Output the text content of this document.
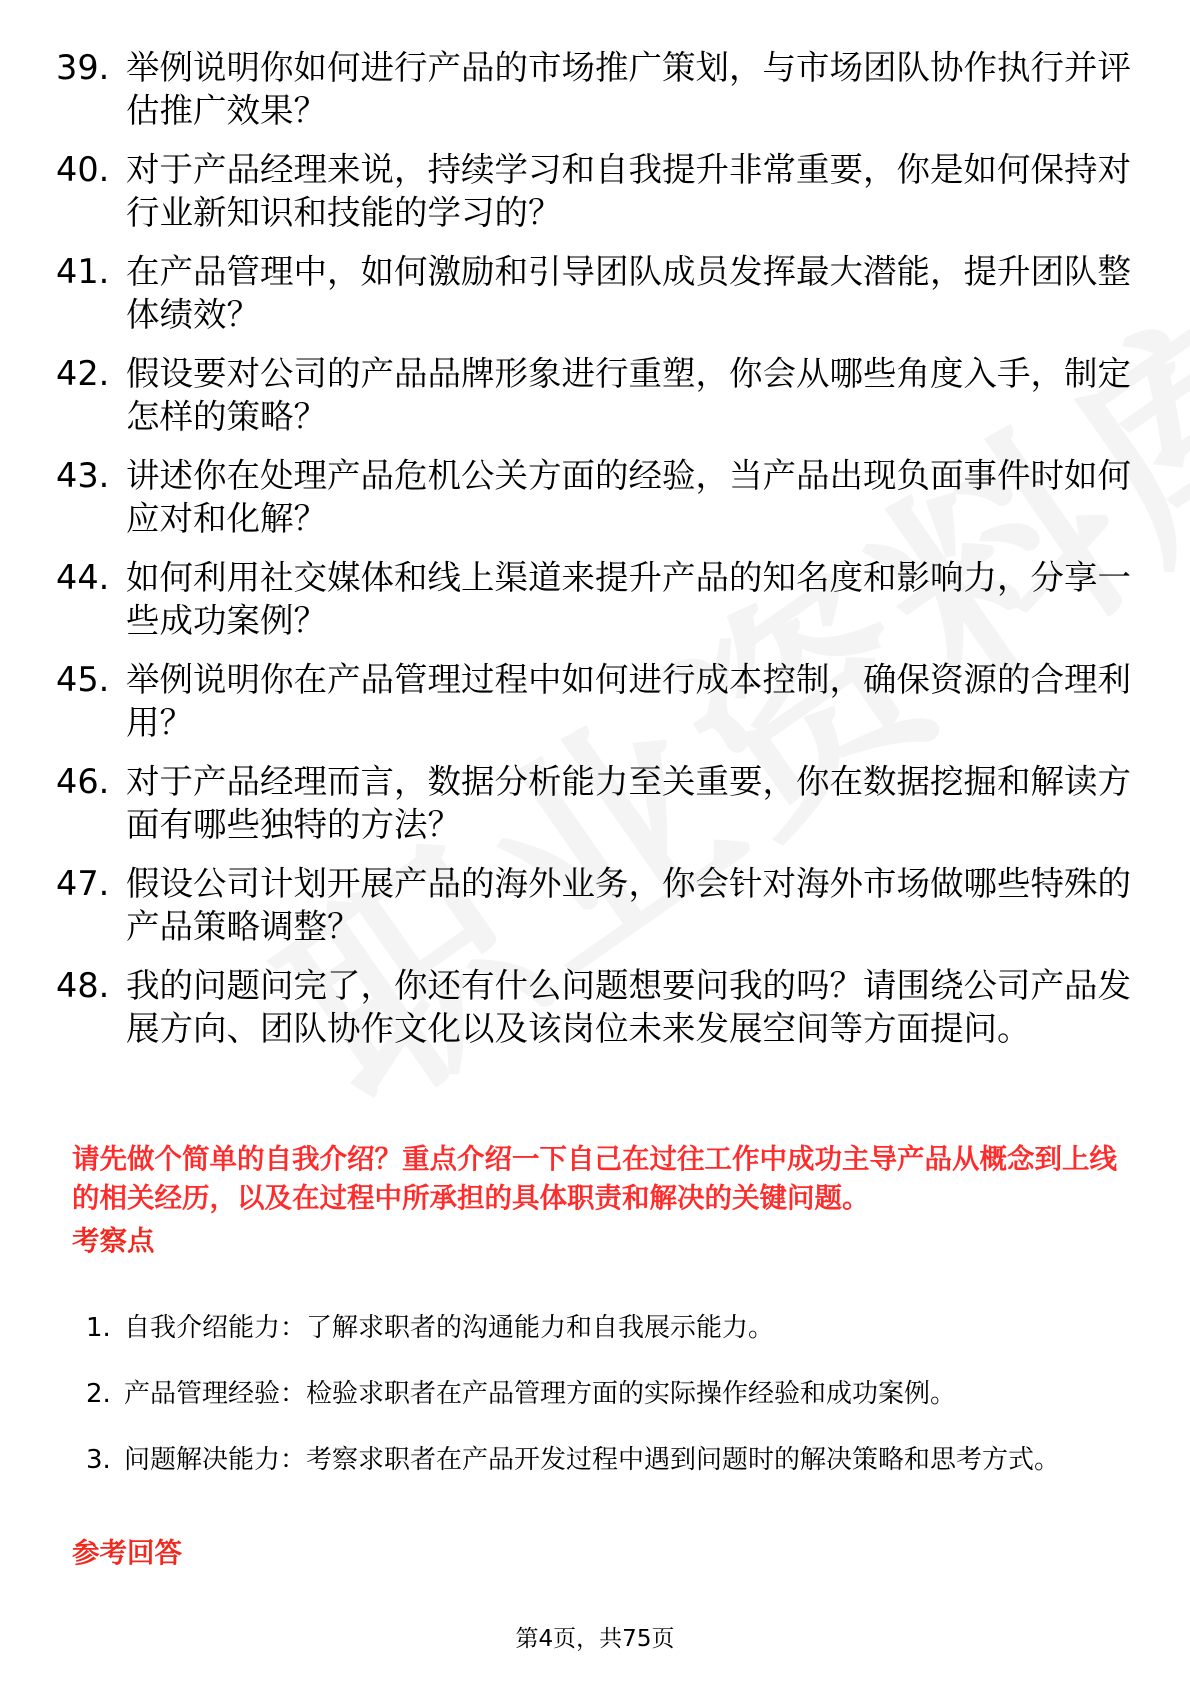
39. 举例说明你如何进行产品的市场推广策划，与市场团队协作执行并评估推广效果？
40. 对于产品经理来说，持续学习和自我提升非常重要，你是如何保持对行业新知识和技能的学习的？
41. 在产品管理中，如何激励和引导团队成员发挥最大潜能，提升团队整体绩效？
42. 假设要对公司的产品品牌形象进行重塑，你会从哪些角度入手，制定怎样的策略？
43. 讲述你在处理产品危机公关方面的经验，当产品出现负面事件时如何应对和化解？
44. 如何利用社交媒体和线上渠道来提升产品的知名度和影响力，分享一些成功案例？
45. 举例说明你在产品管理过程中如何进行成本控制，确保资源的合理利用？
46. 对于产品经理而言，数据分析能力至关重要，你在数据挖掘和解读方面有哪些独特的方法？
47. 假设公司计划开展产品的海外业务，你会针对海外市场做哪些特殊的产品策略调整？
48. 我的问题问完了，你还有什么问题想要问我的吗？请围绕公司产品发展方向、团队协作文化以及该岗位未来发展空间等方面提问。

请先做个简单的自我介绍？重点介绍一下自己在过往工作中成功主导产品从概念到上线的相关经历，以及在过程中所承担的具体职责和解决的关键问题。

考察点
1. 自我介绍能力：了解求职者的沟通能力和自我展示能力。
2. 产品管理经验：检验求职者在产品管理方面的实际操作经验和成功案例。
3. 问题解决能力：考察求职者在产品开发过程中遇到问题时的解决策略和思考方式。
参考回答
第4页，共75页
